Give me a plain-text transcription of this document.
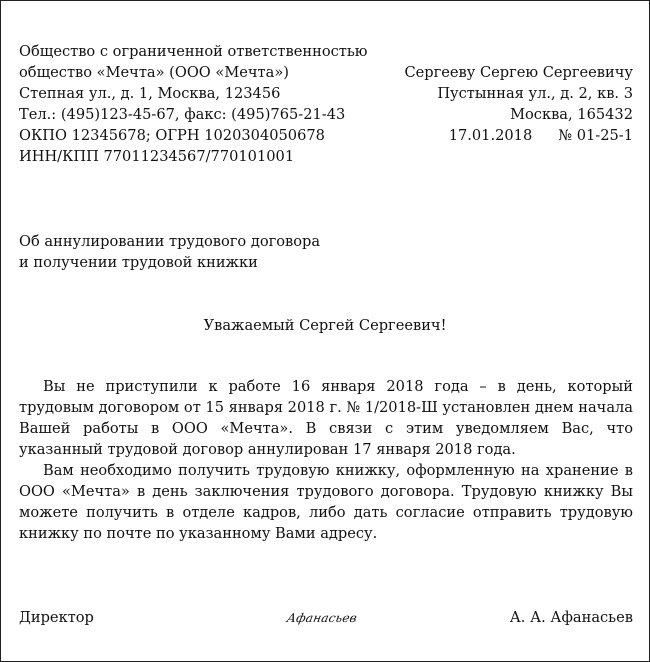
Общество с ограниченной ответственностью
общество «Мечта» (ООО «Мечта»)
Степная ул., д. 1, Москва, 123456
Тел.: (495)123-45-67, факс: (495)765-21-43
ОКПО 12345678; ОГРН 1020304050678
ИНН/КПП 77011234567/770101001
Сергееву Сергею Сергеевичу
Пустынная ул., д. 2, кв. 3
Москва, 165432
17.01.2018 № 01-25-1
Об аннулировании трудового договора
и получении трудовой книжки
Уважаемый Сергей Сергеевич!

Вы не приступили к работе 16 января 2018 года – в день, который трудовым договором от 15 января 2018 г. № 1/2018-Ш установлен днем начала Вашей работы в ООО «Мечта». В связи с этим уведомляем Вас, что указанный трудовой договор аннулирован 17 января 2018 года.

Вам необходимо получить трудовую книжку, оформленную на хранение в ООО «Мечта» в день заключения трудового договора. Трудовую книжку Вы можете получить в отделе кадров, либо дать согласие отправить трудовую книжку по почте по указанному Вами адресу.

Директор	Афанасьев	А. А. Афанасьев
